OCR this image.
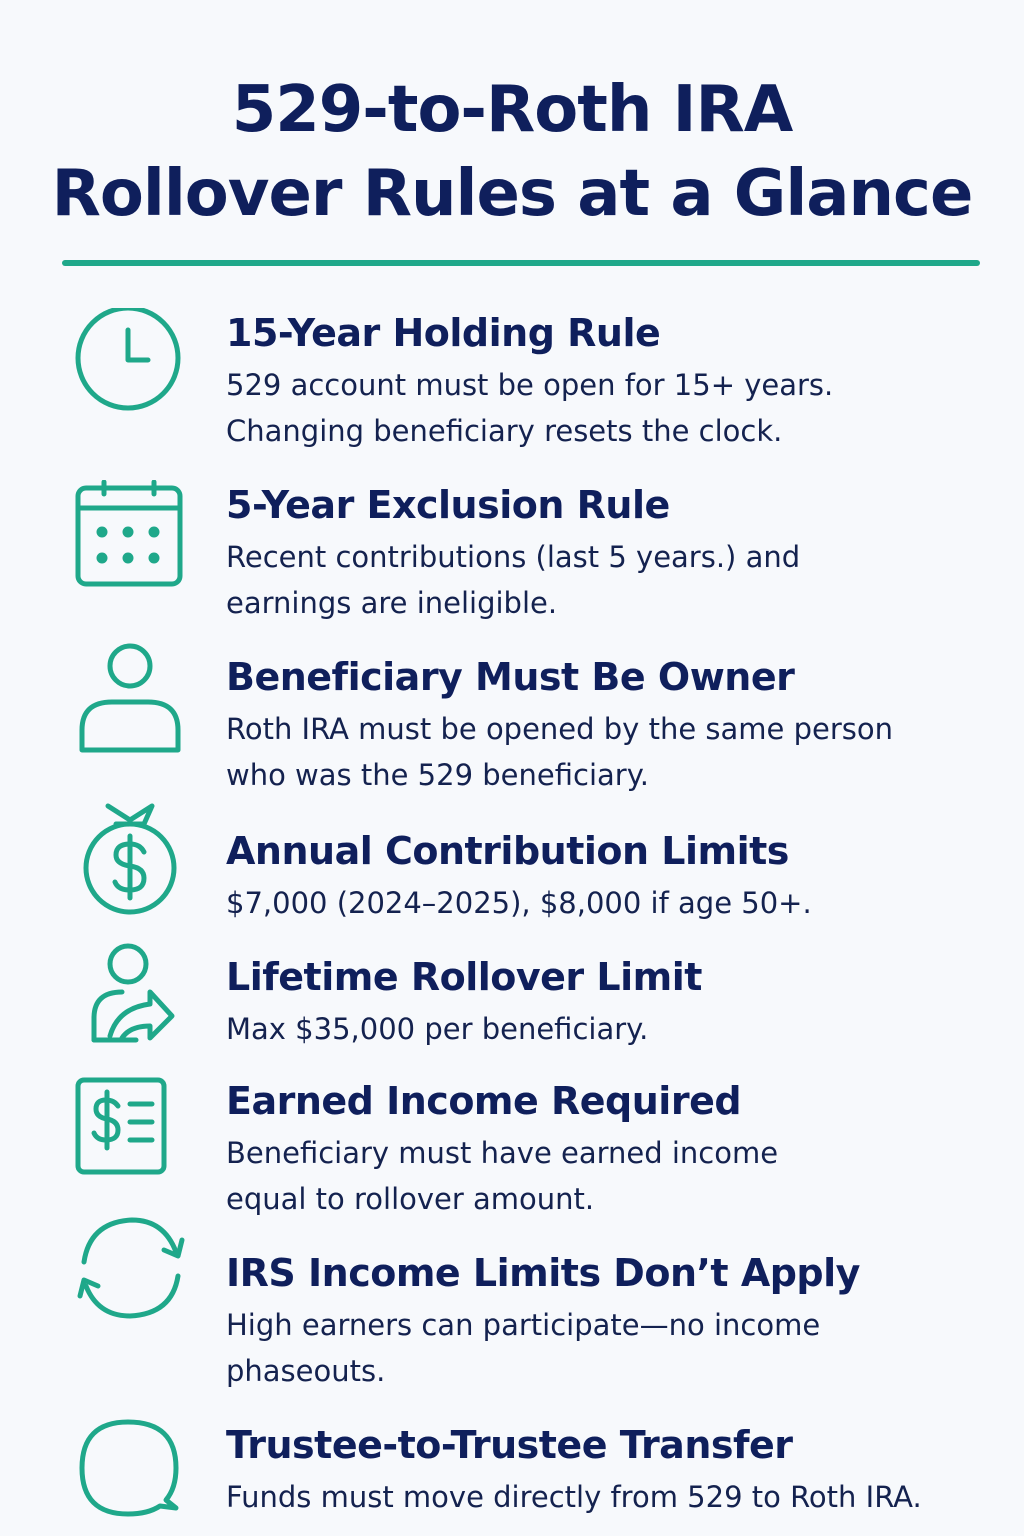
529-to-Roth IRA
Rollover Rules at a Glance
15-Year Holding Rule
529 account must be open for 15+ years.
Changing beneficiary resets the clock.
5-Year Exclusion Rule
Recent contributions (last 5 years.) and
earnings are ineligible.
Beneficiary Must Be Owner
Roth IRA must be opened by the same person
who was the 529 beneficiary.
Annual Contribution Limits
$7,000 (2024–2025), $8,000 if age 50+.
Lifetime Rollover Limit
Max $35,000 per beneficiary.
Earned Income Required
Beneficiary must have earned income
equal to rollover amount.
IRS Income Limits Don’t Apply
High earners can participate—no income
phaseouts.
Trustee-to-Trustee Transfer
Funds must move directly from 529 to Roth IRA.
